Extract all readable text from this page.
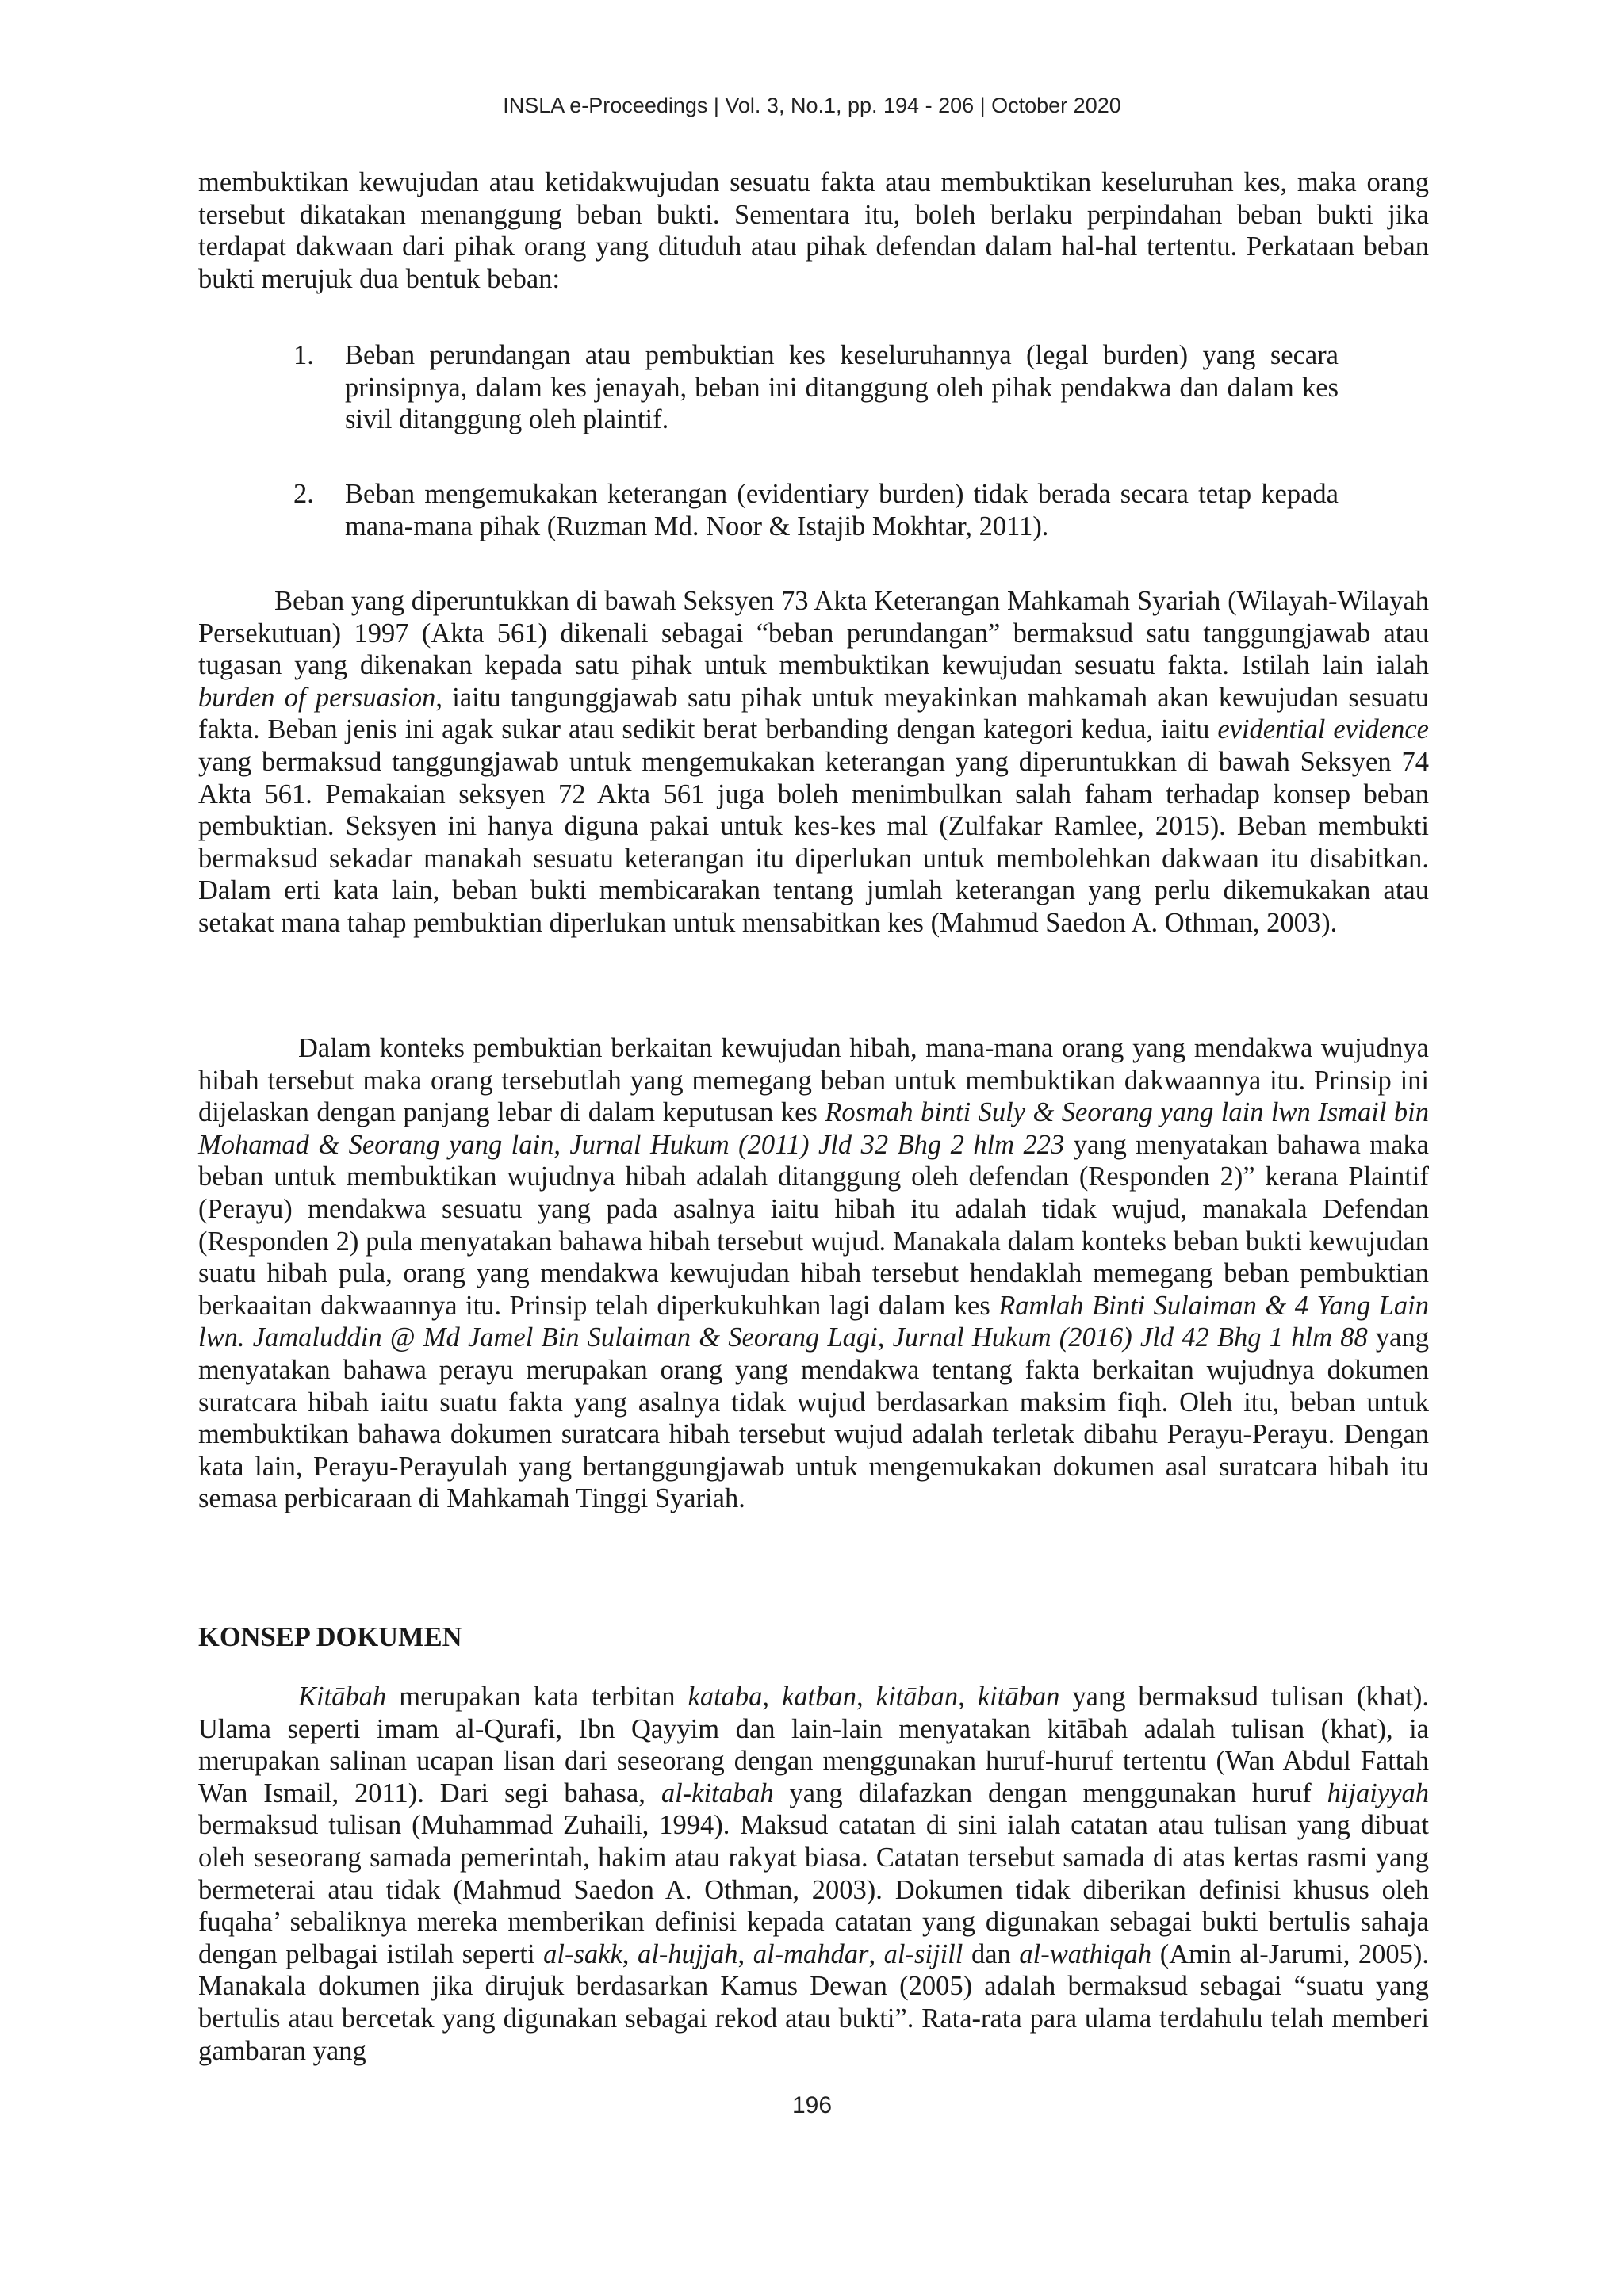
INSLA e-Proceedings | Vol. 3, No.1, pp. 194 - 206 | October 2020

membuktikan kewujudan atau ketidakwujudan sesuatu fakta atau membuktikan keseluruhan kes, maka orang tersebut dikatakan menanggung beban bukti. Sementara itu, boleh berlaku perpindahan beban bukti jika terdapat dakwaan dari pihak orang yang dituduh atau pihak defendan dalam hal-hal tertentu. Perkataan beban bukti merujuk dua bentuk beban:

1. Beban perundangan atau pembuktian kes keseluruhannya (legal burden) yang secara prinsipnya, dalam kes jenayah, beban ini ditanggung oleh pihak pendakwa dan dalam kes sivil ditanggung oleh plaintif.
2. Beban mengemukakan keterangan (evidentiary burden) tidak berada secara tetap kepada mana-mana pihak (Ruzman Md. Noor & Istajib Mokhtar, 2011).
Beban yang diperuntukkan di bawah Seksyen 73 Akta Keterangan Mahkamah Syariah (Wilayah-Wilayah Persekutuan) 1997 (Akta 561) dikenali sebagai “beban perundangan” bermaksud satu tanggungjawab atau tugasan yang dikenakan kepada satu pihak untuk membuktikan kewujudan sesuatu fakta. Istilah lain ialah burden of persuasion, iaitu tangunggjawab satu pihak untuk meyakinkan mahkamah akan kewujudan sesuatu fakta. Beban jenis ini agak sukar atau sedikit berat berbanding dengan kategori kedua, iaitu evidential evidence yang bermaksud tanggungjawab untuk mengemukakan keterangan yang diperuntukkan di bawah Seksyen 74 Akta 561. Pemakaian seksyen 72 Akta 561 juga boleh menimbulkan salah faham terhadap konsep beban pembuktian. Seksyen ini hanya diguna pakai untuk kes-kes mal (Zulfakar Ramlee, 2015). Beban membukti bermaksud sekadar manakah sesuatu keterangan itu diperlukan untuk membolehkan dakwaan itu disabitkan. Dalam erti kata lain, beban bukti membicarakan tentang jumlah keterangan yang perlu dikemukakan atau setakat mana tahap pembuktian diperlukan untuk mensabitkan kes (Mahmud Saedon A. Othman, 2003).
Dalam konteks pembuktian berkaitan kewujudan hibah, mana-mana orang yang mendakwa wujudnya hibah tersebut maka orang tersebutlah yang memegang beban untuk membuktikan dakwaannya itu. Prinsip ini dijelaskan dengan panjang lebar di dalam keputusan kes Rosmah binti Suly & Seorang yang lain lwn Ismail bin Mohamad & Seorang yang lain, Jurnal Hukum (2011) Jld 32 Bhg 2 hlm 223 yang menyatakan bahawa maka beban untuk membuktikan wujudnya hibah adalah ditanggung oleh defendan (Responden 2)” kerana Plaintif (Perayu) mendakwa sesuatu yang pada asalnya iaitu hibah itu adalah tidak wujud, manakala Defendan (Responden 2) pula menyatakan bahawa hibah tersebut wujud. Manakala dalam konteks beban bukti kewujudan suatu hibah pula, orang yang mendakwa kewujudan hibah tersebut hendaklah memegang beban pembuktian berkaaitan dakwaannya itu. Prinsip telah diperkukuhkan lagi dalam kes Ramlah Binti Sulaiman & 4 Yang Lain lwn. Jamaluddin @ Md Jamel Bin Sulaiman & Seorang Lagi, Jurnal Hukum (2016) Jld 42 Bhg 1 hlm 88 yang menyatakan bahawa perayu merupakan orang yang mendakwa tentang fakta berkaitan wujudnya dokumen suratcara hibah iaitu suatu fakta yang asalnya tidak wujud berdasarkan maksim fiqh. Oleh itu, beban untuk membuktikan bahawa dokumen suratcara hibah tersebut wujud adalah terletak dibahu Perayu-Perayu. Dengan kata lain, Perayu-Perayulah yang bertanggungjawab untuk mengemukakan dokumen asal suratcara hibah itu semasa perbicaraan di Mahkamah Tinggi Syariah.
KONSEP DOKUMEN
Kitābah merupakan kata terbitan kataba, katban, kitāban, kitāban yang bermaksud tulisan (khat). Ulama seperti imam al-Qurafi, Ibn Qayyim dan lain-lain menyatakan kitābah adalah tulisan (khat), ia merupakan salinan ucapan lisan dari seseorang dengan menggunakan huruf-huruf tertentu (Wan Abdul Fattah Wan Ismail, 2011). Dari segi bahasa, al-kitabah yang dilafazkan dengan menggunakan huruf hijaiyyah bermaksud tulisan (Muhammad Zuhaili, 1994). Maksud catatan di sini ialah catatan atau tulisan yang dibuat oleh seseorang samada pemerintah, hakim atau rakyat biasa. Catatan tersebut samada di atas kertas rasmi yang bermeterai atau tidak (Mahmud Saedon A. Othman, 2003). Dokumen tidak diberikan definisi khusus oleh fuqaha’ sebaliknya mereka memberikan definisi kepada catatan yang digunakan sebagai bukti bertulis sahaja dengan pelbagai istilah seperti al-sakk, al-hujjah, al-mahdar, al-sijill dan al-wathiqah (Amin al-Jarumi, 2005). Manakala dokumen jika dirujuk berdasarkan Kamus Dewan (2005) adalah bermaksud sebagai “suatu yang bertulis atau bercetak yang digunakan sebagai rekod atau bukti”. Rata-rata para ulama terdahulu telah memberi gambaran yang
196
